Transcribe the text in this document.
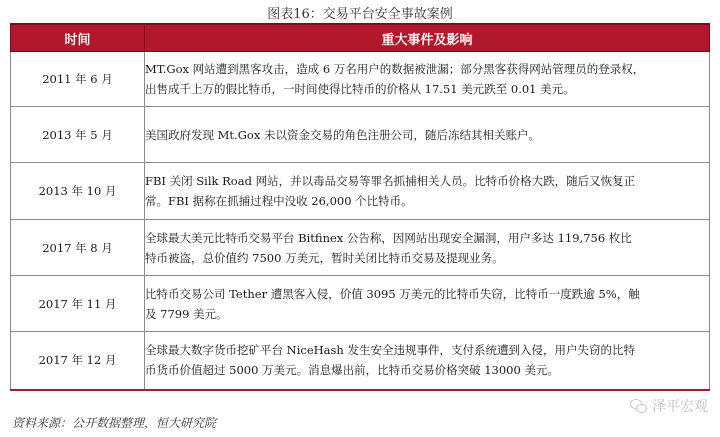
图表16：交易平台安全事故案例
时间	重大事件及影响
2011 年 6 月	MT.Gox 网站遭到黑客攻击，造成 6 万名用户的数据被泄漏；部分黑客获得网站管理员的登录权，
出售成千上万的假比特币，一时间使得比特币的价格从 17.51 美元跌至 0.01 美元。

2013 年 5 月	美国政府发现 Mt.Gox 未以资金交易的角色注册公司，随后冻结其相关账户。

2013 年 10 月	FBI 关闭 Silk Road 网站，并以毒品交易等罪名抓捕相关人员。比特币价格大跌，随后又恢复正
常。FBI 据称在抓捕过程中没收 26,000 个比特币。

2017 年 8 月	全球最大美元比特币交易平台 Bitfinex 公告称，因网站出现安全漏洞，用户多达 119,756 枚比
特币被盗，总价值约 7500 万美元，暂时关闭比特币交易及提现业务。

2017 年 11 月	比特币交易公司 Tether 遭黑客入侵，价值 3095 万美元的比特币失窃，比特币一度跌逾 5%，触
及 7799 美元。

2017 年 12 月	全球最大数字货币挖矿平台 NiceHash 发生安全违规事件，支付系统遭到入侵，用户失窃的比特
币货币价值超过 5000 万美元。消息爆出前，比特币交易价格突破 13000 美元。
资料来源：公开数据整理，恒大研究院
泽平宏观
